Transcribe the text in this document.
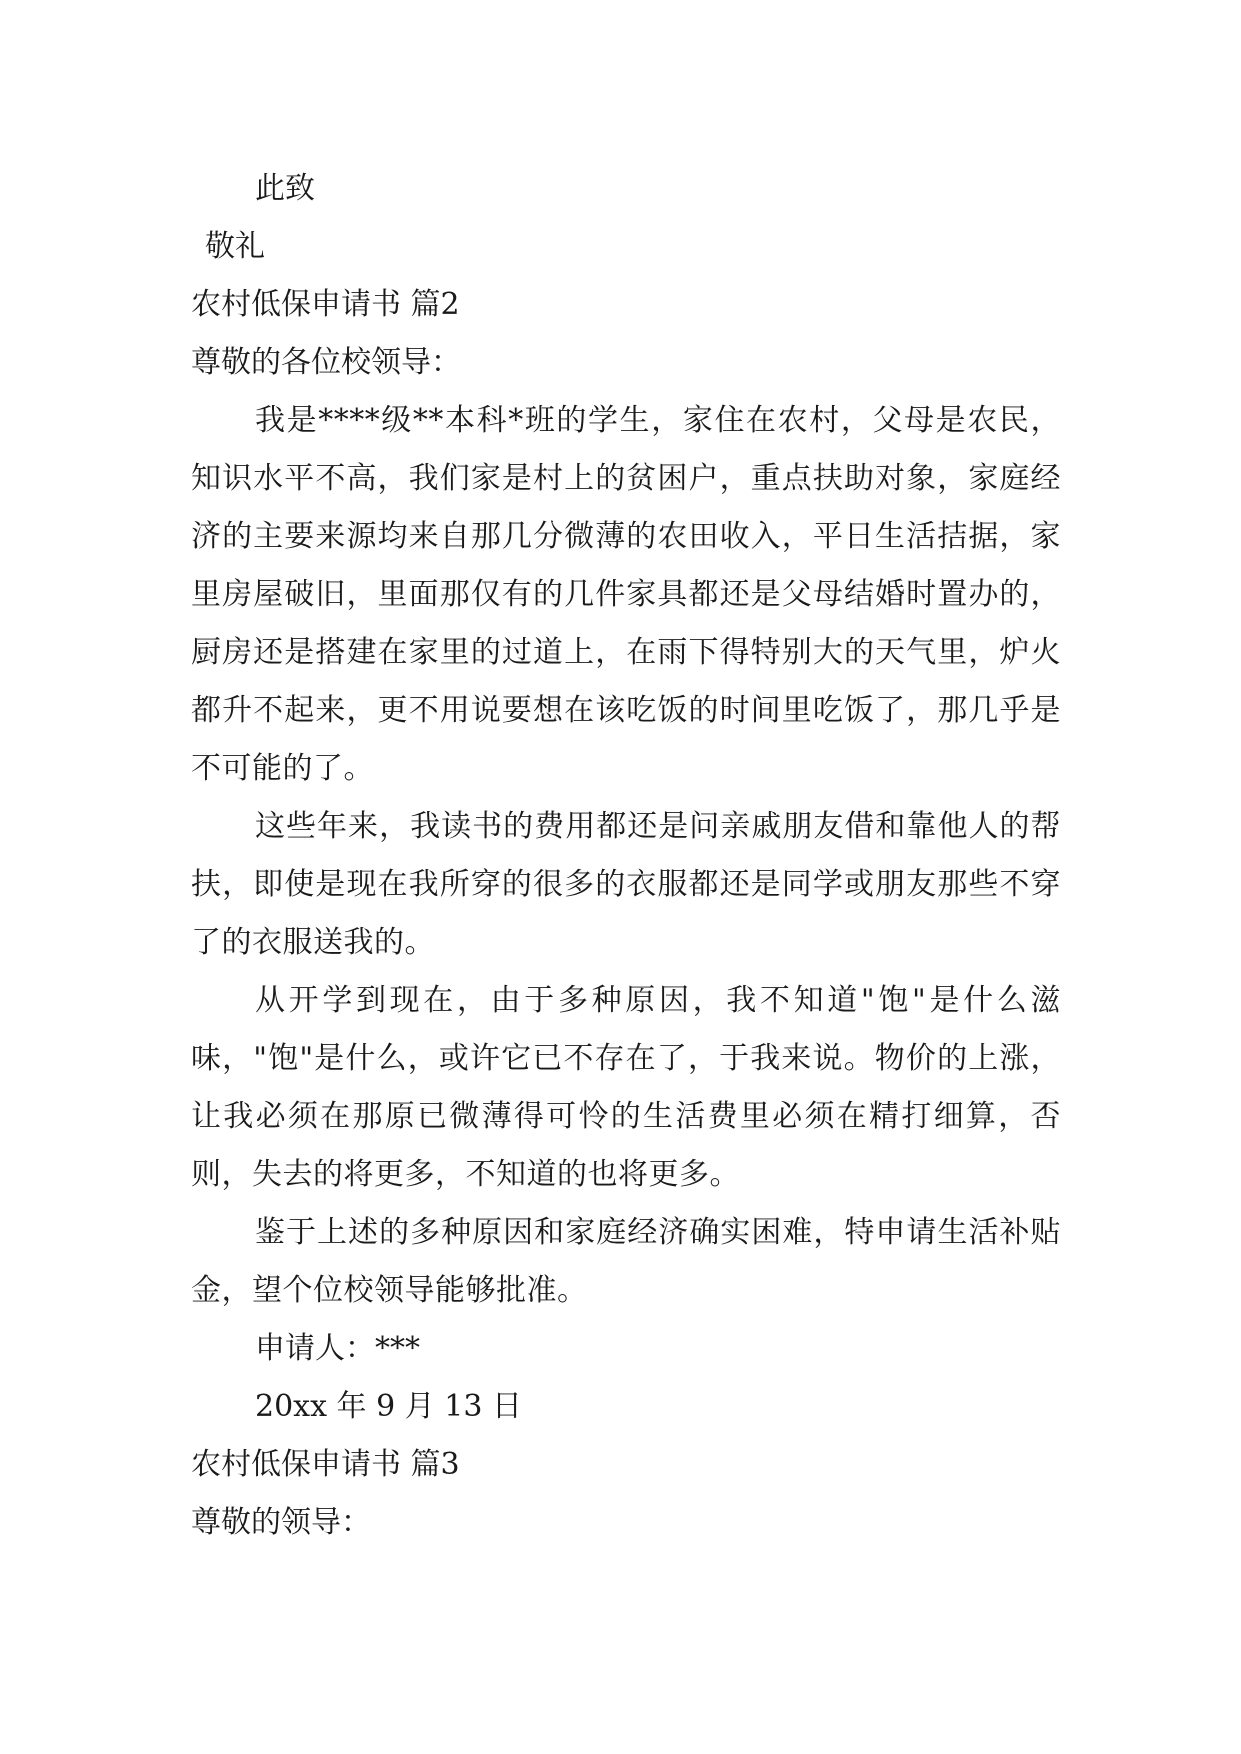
此致
敬礼
农村低保申请书 篇2
尊敬的各位校领导：

我是****级**本科*班的学生，家住在农村，父母是农民，知识水平不高，我们家是村上的贫困户，重点扶助对象，家庭经济的主要来源均来自那几分微薄的农田收入，平日生活拮据，家里房屋破旧，里面那仅有的几件家具都还是父母结婚时置办的，厨房还是搭建在家里的过道上，在雨下得特别大的天气里，炉火都升不起来，更不用说要想在该吃饭的时间里吃饭了，那几乎是不可能的了。

这些年来，我读书的费用都还是问亲戚朋友借和靠他人的帮扶，即使是现在我所穿的很多的衣服都还是同学或朋友那些不穿了的衣服送我的。

从开学到现在，由于多种原因，我不知道"饱"是什么滋味，"饱"是什么，或许它已不存在了，于我来说。物价的上涨，让我必须在那原已微薄得可怜的生活费里必须在精打细算，否则，失去的将更多，不知道的也将更多。

鉴于上述的多种原因和家庭经济确实困难，特申请生活补贴金，望个位校领导能够批准。

申请人：***
20xx 年 9 月 13 日
农村低保申请书 篇3
尊敬的领导：
